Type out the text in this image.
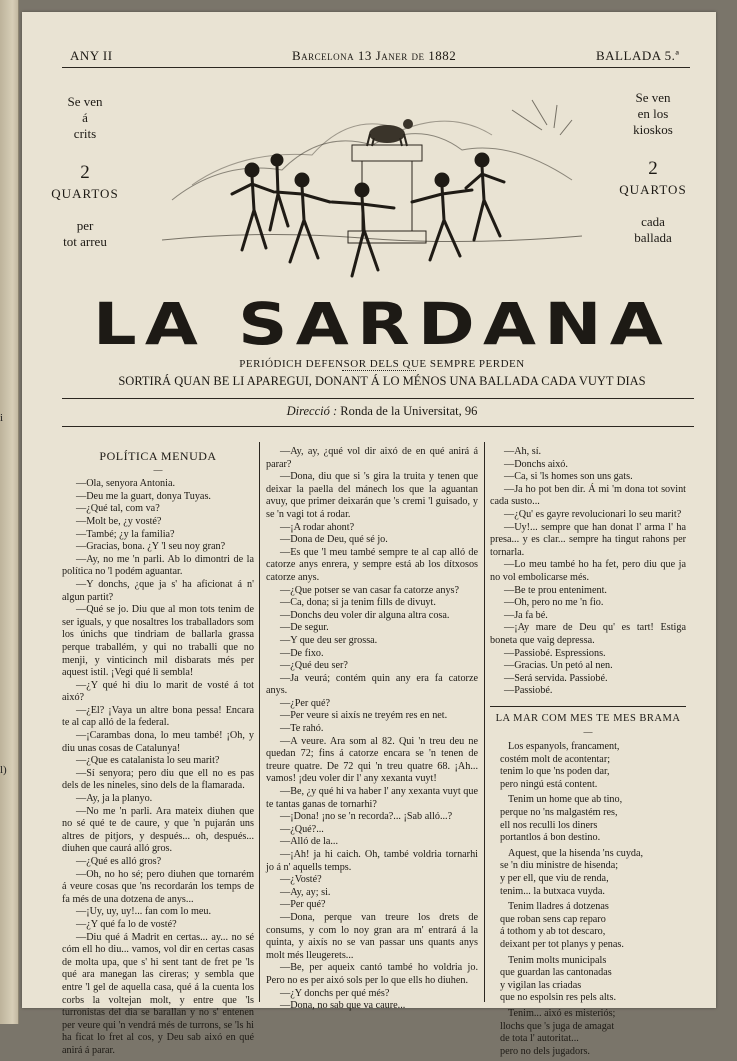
i
l)
ANY II	Barcelona 13 Janer de 1882	BALLADA 5.ª
Se ven
á
crits
2
QUARTOS
per
tot arreu
Se ven
en los
kioskos
2
QUARTOS
cada
ballada
LA SARDANA
PERIÓDICH DEFENSOR DELS QUE SEMPRE PERDEN
SORTIRÁ QUAN BE LI APAREGUI, DONANT Á LO MÉNOS UNA BALLADA CADA VUYT DIAS
Direcció : Ronda de la Universitat, 96

POLÍTICA MENUDA

—

—Ola, senyora Antonia.

—Deu me la guart, donya Tuyas.

—¿Qué tal, com va?

—Molt be, ¿y vosté?

—També; ¿y la familia?

—Gracias, bona. ¿Y 'l seu noy gran?

—Ay, no me 'n parli. Ab lo dimontri de la política no 'l podém aguantar.

—Y donchs, ¿que ja s' ha aficionat á n' algun partit?

—Qué se jo. Diu que al mon tots tenim de ser iguals, y que nosaltres los traballadors som los únichs que tindriam de ballarla grassa perque traballém, y qui no traballi que no menji, y vinticinch mil disbarats més per aquest istil. ¡Vegi qué li sembla!

—¿Y qué hi diu lo marit de vosté á tot aixó?

—¿El? ¡Vaya un altre bona pessa! Encara te al cap alló de la federal.

—¡Carambas dona, lo meu també! ¡Oh, y diu unas cosas de Catalunya!

—¿Que es catalanista lo seu marit?

—Sí senyora; pero diu que ell no es pas dels de les nineles, sino dels de la flamarada.

—Ay, ja la planyo.

—No me 'n parli. Ara mateix diuhen que no sé qué te de caure, y que 'n pujarán uns altres de pitjors, y después... oh, después... diuhen que caurá alló gros.

—¿Qué es alló gros?

—Oh, no ho sé; pero diuhen que tornarém á veure cosas que 'ns recordarán los temps de fa més de una dotzena de anys...

—¡Uy, uy, uy!... fan com lo meu.

—¿Y qué fa lo de vosté?

—Diu qué á Madrit en certas... ay... no sé cóm ell ho diu... vamos, vol dir en certas casas de molta upa, que s' hi sent tant de fret pe 'ls qué ara manegan las cireras; y sembla que entre 'l gel de aquella casa, qué á la cuenta los corbs la voltejan molt, y entre que 'ls turronistas del dia se barallan y no s' entenen per veure qui 'n vendrá més de turrons, se 'ls hi ha ficat lo fret al cos, y Deu sab aixó en qué anirá á parar.

—Ay, ay, ¿qué vol dir aixó de en qué anirá á parar?

—Dona, diu que si 's gira la truita y tenen que deixar la paella del mánech los que la aguantan avuy, que primer deixarán que 's cremi 'l guisado, y se 'n vagi tot á rodar.

—¡A rodar ahont?

—Dona de Deu, qué sé jo.

—Es que 'l meu també sempre te al cap alló de catorze anys enrera, y sempre está ab los dítxosos catorze anys.

—¿Que potser se van casar fa catorze anys?

—Ca, dona; si ja tenim fills de divuyt.

—Donchs deu voler dir alguna altra cosa.

—De segur.

—Y que deu ser grossa.

—De fixo.

—¿Qué deu ser?

—Ja veurá; contém quin any era fa catorze anys.

—¿Per qué?

—Per veure si aixís ne treyém res en net.

—Te rahó.

—A veure. Ara som al 82. Qui 'n treu deu ne quedan 72; fins á catorze encara se 'n tenen de treure quatre. De 72 qui 'n treu quatre 68. ¡Ah... vamos! ¡deu voler dir l' any xexanta vuyt!

—Be, ¿y qué hi va haber l' any xexanta vuyt que te tantas ganas de tornarhi?

—¡Dona! ¡no se 'n recorda?... ¡Sab alló...?

—¿Qué?...

—Alló de la...

—¡Ah! ja hi caich. Oh, també voldria tornarhi jo á n' aquells temps.

—¿Vosté?

—Ay, ay; si.

—Per qué?

—Dona, perque van treure los drets de consums, y com lo noy gran ara m' entrará á la quinta, y aixís no se van passar uns quants anys molt més lleugerets...

—Be, per aqueix cantó també ho voldria jo. Pero no es per aixó sols per lo que ells ho diuhen.

—¿Y donchs per qué més?

—Dona, no sab que va caure...

—Ah, sí.

—Donchs aixó.

—Ca, si 'ls homes son uns gats.

—Ja ho pot ben dir. Á mi 'm dona tot sovint cada susto...

—¿Qu' es gayre revolucionari lo seu marit?

—Uy!... sempre que han donat l' arma l' ha presa... y es clar... sempre ha tingut rahons per tornarla.

—Lo meu també ho ha fet, pero diu que ja no vol embolicarse més.

—Be te prou enteniment.

—Oh, pero no me 'n fio.

—Ja fa bé.

—¡Ay mare de Deu qu' es tart! Estiga boneta que vaig depressa.

—Passiobé. Espressions.

—Gracias. Un petó al nen.

—Será servida. Passiobé.

—Passiobé.

LA MAR COM MES TE MES BRAMA

—

Los espanyols, francament,

costém molt de acontentar;

tenim lo que 'ns poden dar,

pero ningú está content.

Tenim un home que ab tino,

perque no 'ns malgastém res,

ell nos reculli los diners

portantlos á bon destino.

Aquest, que la hisenda 'ns cuyda,

se 'n diu ministre de hisenda;

y per ell, que viu de renda,

tenim... la butxaca vuyda.

Tenim lladres á dotzenas

que roban sens cap reparo

á tothom y ab tot descaro,

deixant per tot planys y penas.

Tenim molts municipals

que guardan las cantonadas

y vigilan las criadas

que no espolsin res pels alts.

Tenim... aixó es misteriós;

llochs que 's juga de amagat

de tota l' autoritat...

pero no dels jugadors.
